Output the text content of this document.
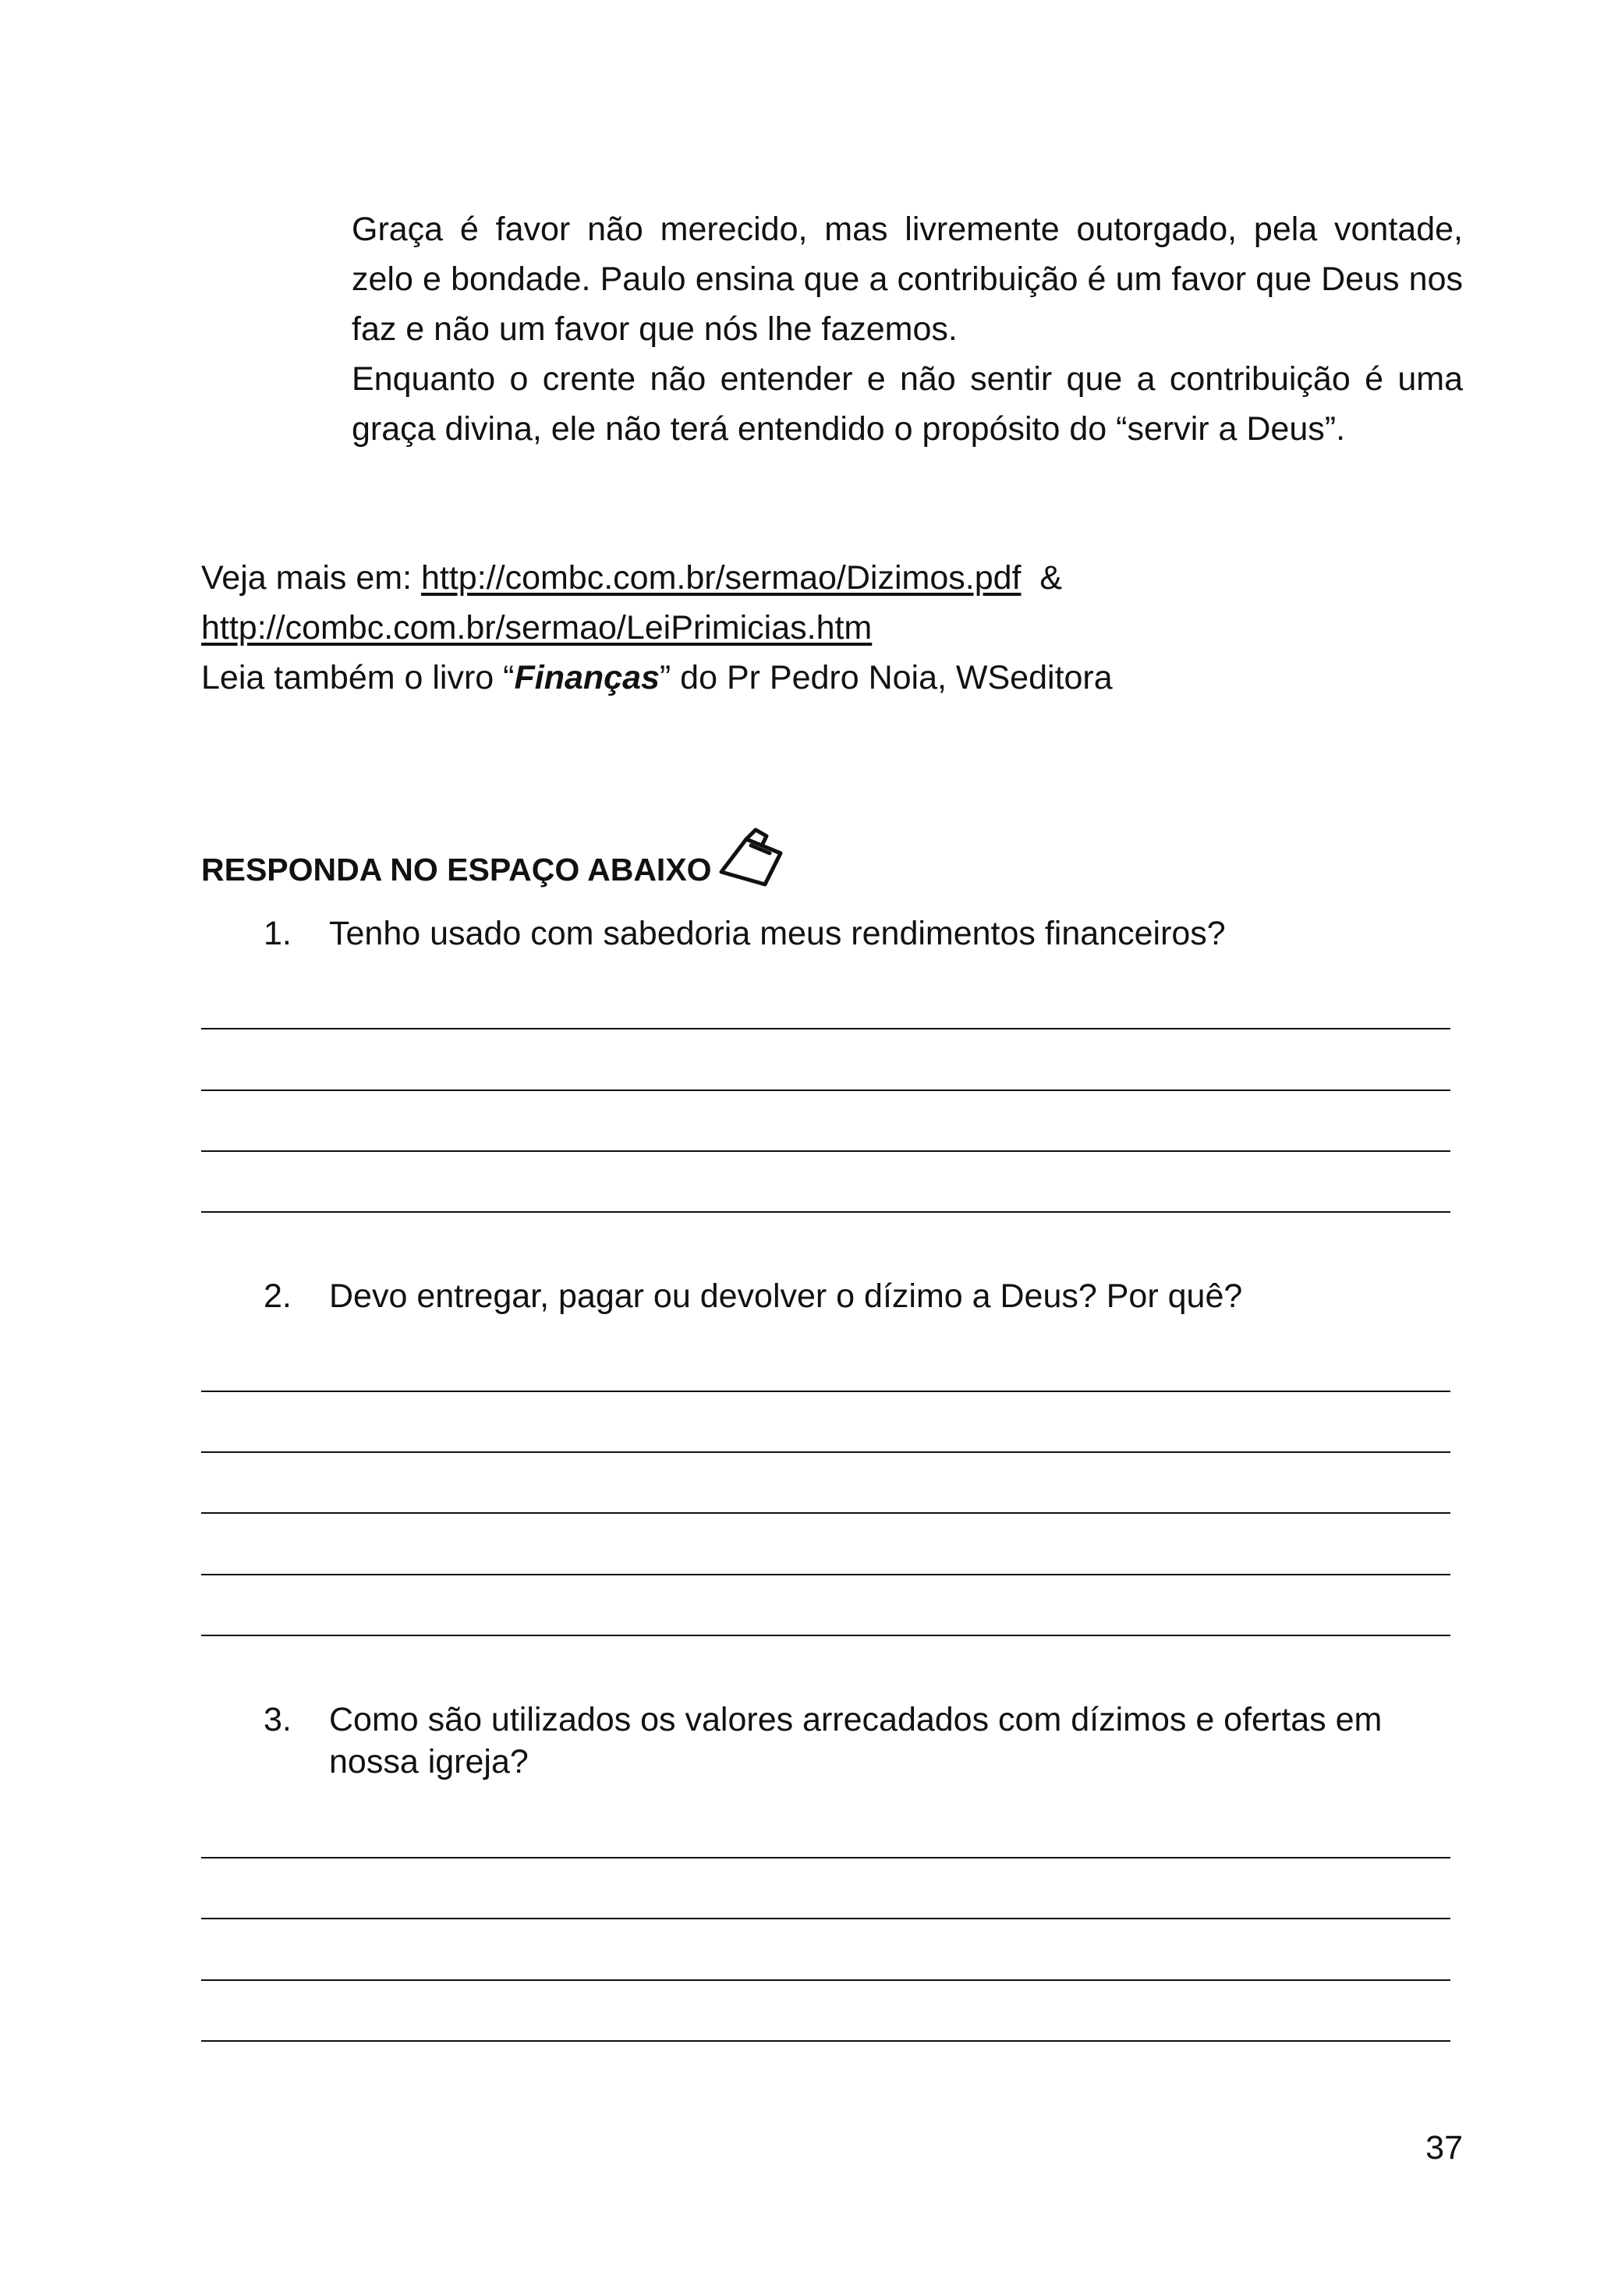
Graça é favor não merecido, mas livremente outorgado, pela vontade, zelo e bondade. Paulo ensina que a contribuição é um favor que Deus nos faz e não um favor que nós lhe fazemos.

Enquanto o crente não entender e não sentir que a contribuição é uma graça divina, ele não terá entendido o propósito do “servir a Deus”.

Veja mais em: http://combc.com.br/sermao/Dizimos.pdf  &
http://combc.com.br/sermao/LeiPrimicias.htm
Leia também o livro “Finanças” do Pr Pedro Noia, WSeditora
RESPONDA NO ESPAÇO ABAIXO
1.	Tenho usado com sabedoria meus rendimentos financeiros?
2.	Devo entregar, pagar ou devolver o dízimo a Deus? Por quê?
3.	Como são utilizados os valores arrecadados com dízimos e ofertas em nossa igreja?
37
